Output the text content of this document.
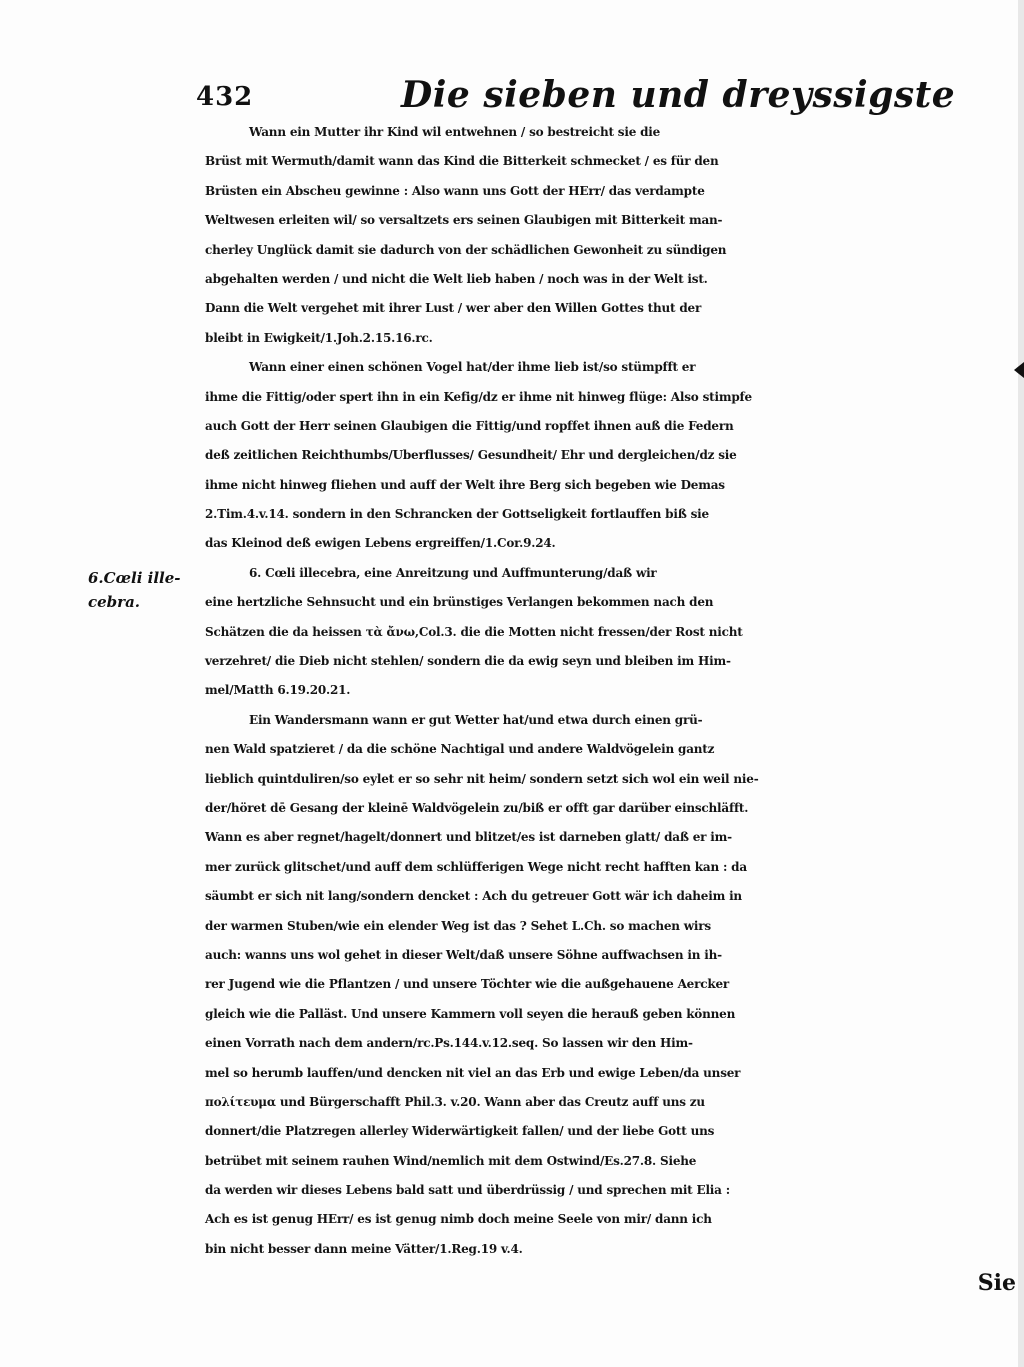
432	Die sieben und dreyssigste
6.Cœli ille-
cebra.
Wann ein Mutter ihr Kind wil entwehnen / so bestreicht sie die
Brüst mit Wermuth/damit wann das Kind die Bitterkeit schmecket / es für den
Brüsten ein Abscheu gewinne : Also wann uns Gott der HErr/ das verdampte
Weltwesen erleiten wil/ so versaltzets ers seinen Glaubigen mit Bitterkeit man-
cherley Unglück damit sie dadurch von der schädlichen Gewonheit zu sündigen
abgehalten werden / und nicht die Welt lieb haben / noch was in der Welt ist.
Dann die Welt vergehet mit ihrer Lust / wer aber den Willen Gottes thut der
bleibt in Ewigkeit/1.Joh.2.15.16.rc.
Wann einer einen schönen Vogel hat/der ihme lieb ist/so stümpfft er
ihme die Fittig/oder spert ihn in ein Kefig/dz er ihme nit hinweg flüge: Also stimpfe
auch Gott der Herr seinen Glaubigen die Fittig/und ropffet ihnen auß die Federn
deß zeitlichen Reichthumbs/Uberflusses/ Gesundheit/ Ehr und dergleichen/dz sie
ihme nicht hinweg fliehen und auff der Welt ihre Berg sich begeben wie Demas
2.Tim.4.v.14. sondern in den Schrancken der Gottseligkeit fortlauffen biß sie
das Kleinod deß ewigen Lebens ergreiffen/1.Cor.9.24.
6. Cœli illecebra, eine Anreitzung und Auffmunterung/daß wir
eine hertzliche Sehnsucht und ein brünstiges Verlangen bekommen nach den
Schätzen die da heissen τὰ ἄνω,Col.3. die die Motten nicht fressen/der Rost nicht
verzehret/ die Dieb nicht stehlen/ sondern die da ewig seyn und bleiben im Him-
mel/Matth 6.19.20.21.
Ein Wandersmann wann er gut Wetter hat/und etwa durch einen grü-
nen Wald spatzieret / da die schöne Nachtigal und andere Waldvögelein gantz
lieblich quintduliren/so eylet er so sehr nit heim/ sondern setzt sich wol ein weil nie-
der/höret dē Gesang der kleinē Waldvögelein zu/biß er offt gar darüber einschläfft.
Wann es aber regnet/hagelt/donnert und blitzet/es ist darneben glatt/ daß er im-
mer zurück glitschet/und auff dem schlüfferigen Wege nicht recht hafften kan : da
säumbt er sich nit lang/sondern dencket : Ach du getreuer Gott wär ich daheim in
der warmen Stuben/wie ein elender Weg ist das ? Sehet L.Ch. so machen wirs
auch: wanns uns wol gehet in dieser Welt/daß unsere Söhne auffwachsen in ih-
rer Jugend wie die Pflantzen / und unsere Töchter wie die außgehauene Aercker
gleich wie die Palläst. Und unsere Kammern voll seyen die herauß geben können
einen Vorrath nach dem andern/rc.Ps.144.v.12.seq. So lassen wir den Him-
mel so herumb lauffen/und dencken nit viel an das Erb und ewige Leben/da unser
πολίτευμα und Bürgerschafft Phil.3. v.20. Wann aber das Creutz auff uns zu
donnert/die Platzregen allerley Widerwärtigkeit fallen/ und der liebe Gott uns
betrübet mit seinem rauhen Wind/nemlich mit dem Ostwind/Es.27.8. Siehe
da werden wir dieses Lebens bald satt und überdrüssig / und sprechen mit Elia :
Ach es ist genug HErr/ es ist genug nimb doch meine Seele von mir/ dann ich
bin nicht besser dann meine Vätter/1.Reg.19 v.4.
Sie
